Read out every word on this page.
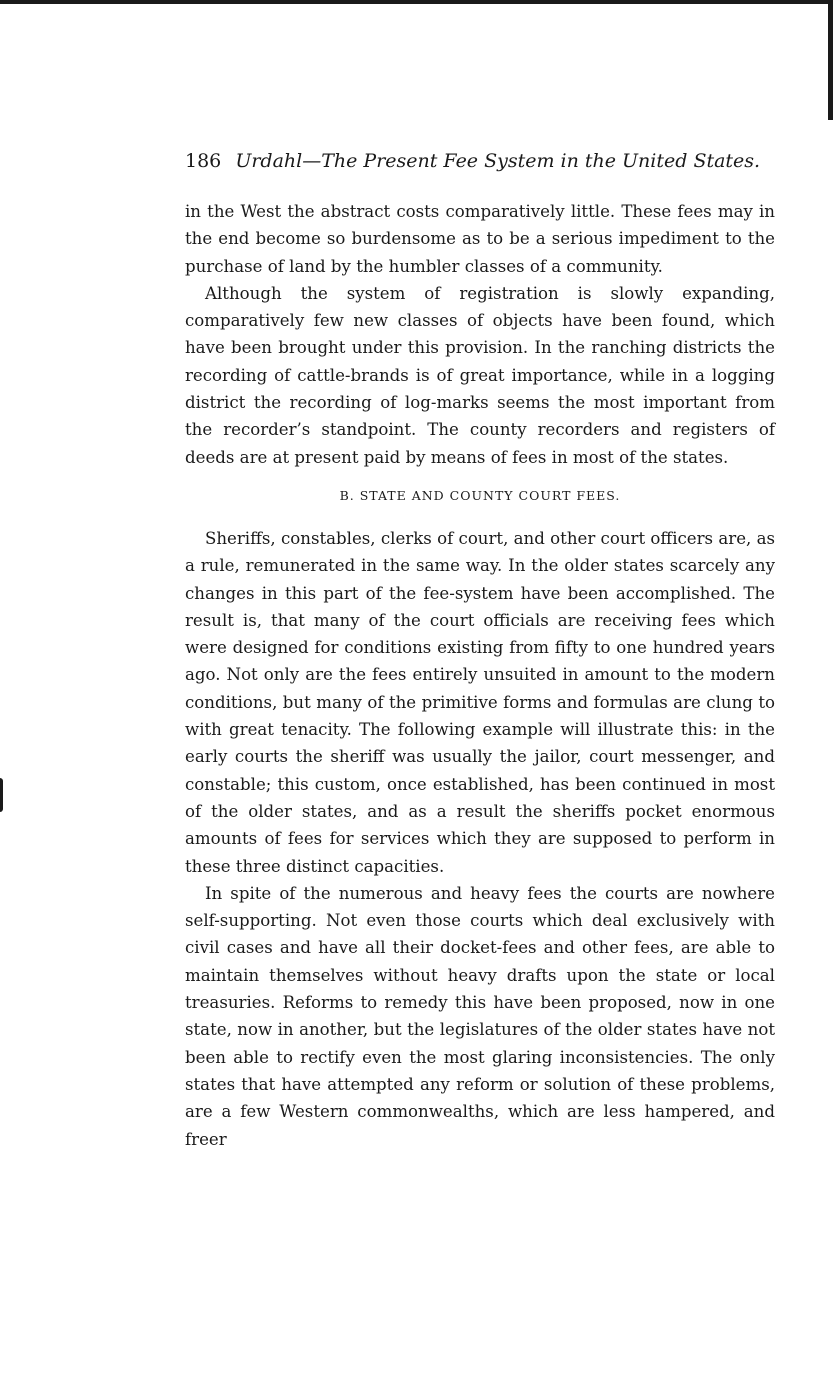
186 Urdahl—The Present Fee System in the United States.

in the West the abstract costs comparatively little. These fees may in the end become so burdensome as to be a serious impediment to the purchase of land by the humbler classes of a community.

Although the system of registration is slowly expanding, comparatively few new classes of objects have been found, which have been brought under this provision. In the ranching districts the recording of cattle-brands is of great importance, while in a logging district the recording of log-marks seems the most important from the recorder’s standpoint. The county recorders and registers of deeds are at present paid by means of fees in most of the states.

B. STATE AND COUNTY COURT FEES.

Sheriffs, constables, clerks of court, and other court officers are, as a rule, remunerated in the same way. In the older states scarcely any changes in this part of the fee-system have been accomplished. The result is, that many of the court officials are receiving fees which were designed for conditions existing from fifty to one hundred years ago. Not only are the fees entirely unsuited in amount to the modern conditions, but many of the primitive forms and formulas are clung to with great tenacity. The following example will illustrate this: in the early courts the sheriff was usually the jailor, court messenger, and constable; this custom, once established, has been continued in most of the older states, and as a result the sheriffs pocket enormous amounts of fees for services which they are supposed to perform in these three distinct capacities.

In spite of the numerous and heavy fees the courts are nowhere self-supporting. Not even those courts which deal exclusively with civil cases and have all their docket-fees and other fees, are able to maintain themselves without heavy drafts upon the state or local treasuries. Reforms to remedy this have been proposed, now in one state, now in another, but the legislatures of the older states have not been able to rectify even the most glaring inconsistencies. The only states that have attempted any reform or solution of these problems, are a few Western commonwealths, which are less hampered, and freer
